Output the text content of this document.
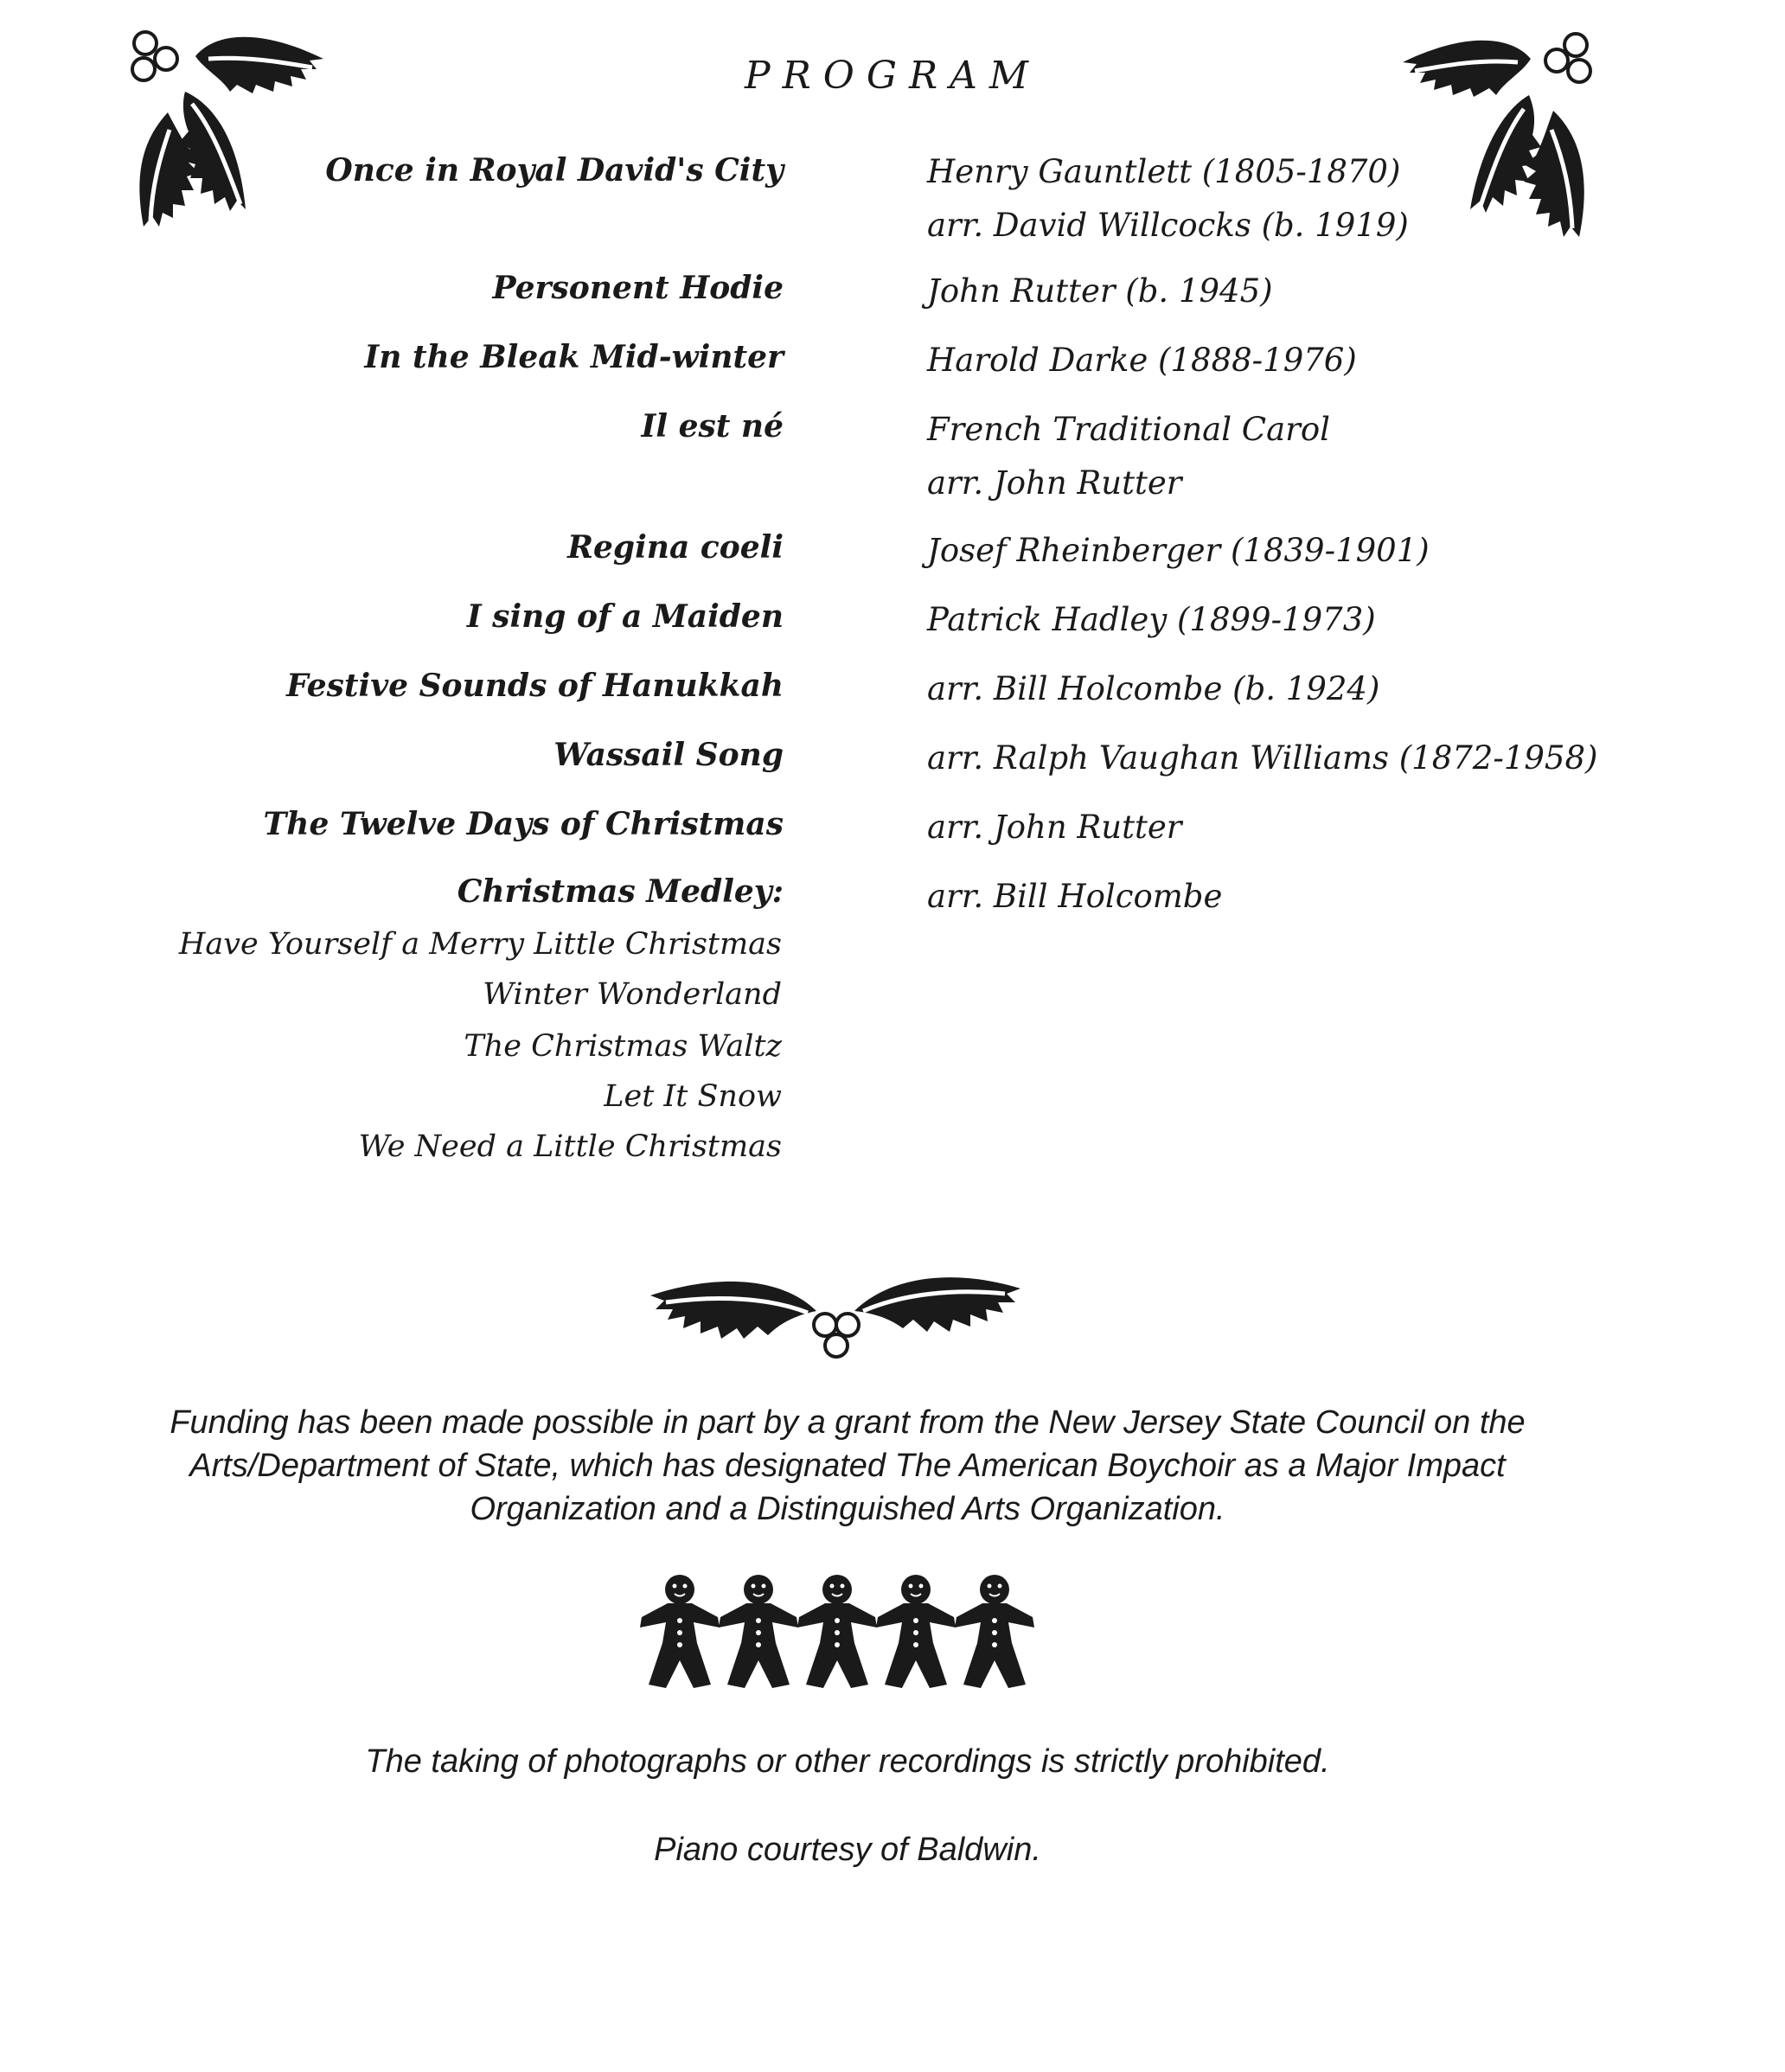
PROGRAM
Once in Royal David's City	Henry Gauntlett (1805-1870)
arr. David Willcocks (b. 1919)
Personent Hodie	John Rutter (b. 1945)
In the Bleak Mid-winter	Harold Darke (1888-1976)
Il est né	French Traditional Carol
arr. John Rutter
Regina coeli	Josef Rheinberger (1839-1901)
I sing of a Maiden	Patrick Hadley (1899-1973)
Festive Sounds of Hanukkah	arr. Bill Holcombe (b. 1924)
Wassail Song	arr. Ralph Vaughan Williams (1872-1958)
The Twelve Days of Christmas	arr. John Rutter
Christmas Medley:	arr. Bill Holcombe
Have Yourself a Merry Little Christmas
Winter Wonderland
The Christmas Waltz
Let It Snow
We Need a Little Christmas
Funding has been made possible in part by a grant from the New Jersey State Council on the
Arts/Department of State, which has designated The American Boychoir as a Major Impact
Organization and a Distinguished Arts Organization.
The taking of photographs or other recordings is strictly prohibited.
Piano courtesy of Baldwin.
